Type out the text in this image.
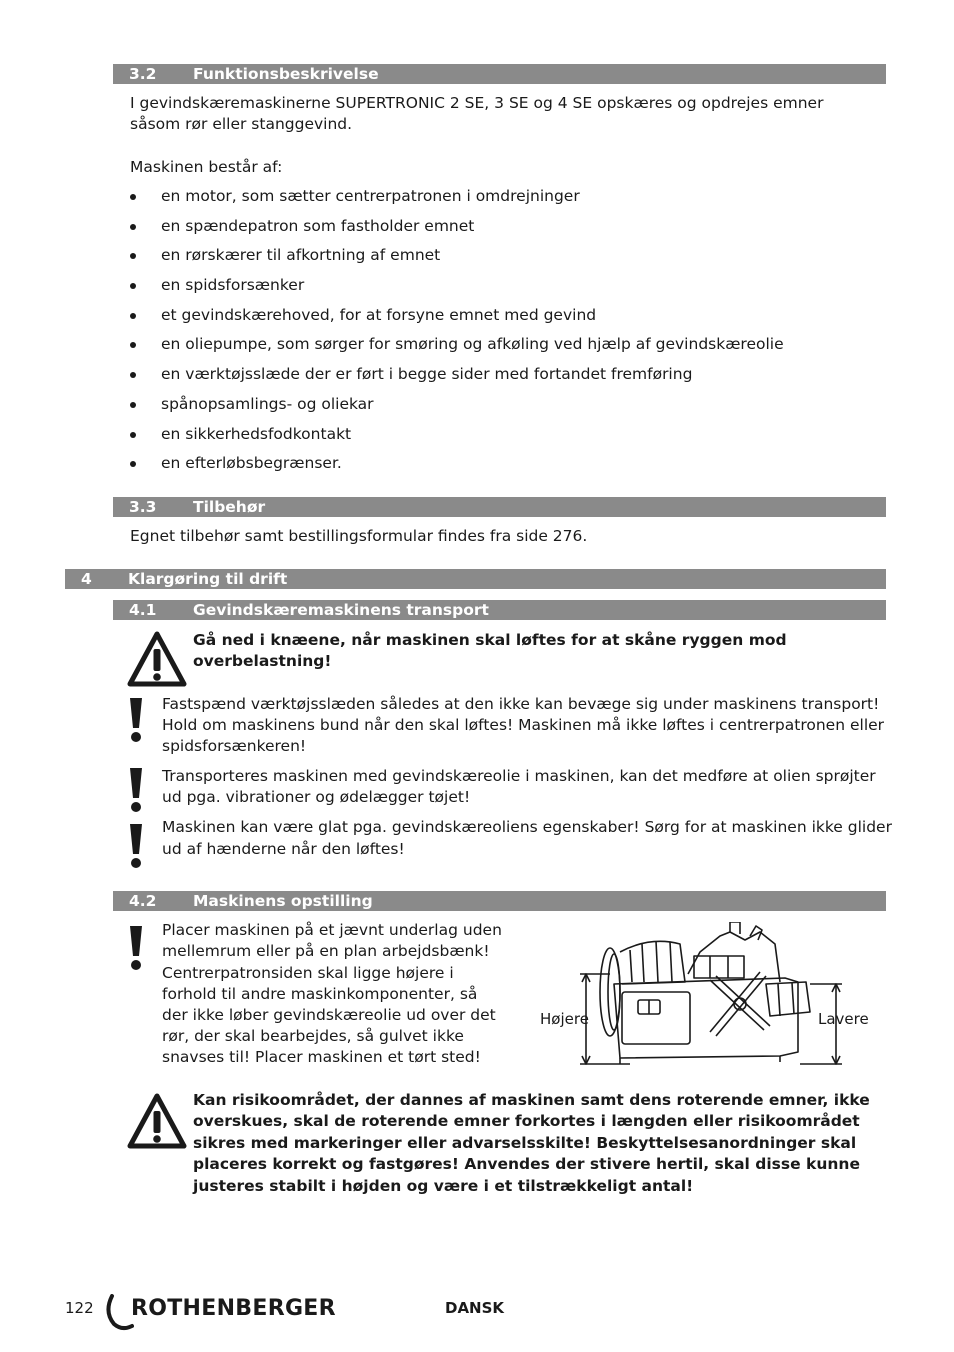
3.2 Funktionsbeskrivelse
I gevindskæremaskinerne SUPERTRONIC 2 SE, 3 SE og 4 SE opskæres og opdrejes emner
såsom rør eller stanggevind.
Maskinen består af:
en motor, som sætter centrerpatronen i omdrejninger
en spændepatron som fastholder emnet
en rørskærer til afkortning af emnet
en spidsforsænker
et gevindskærehoved, for at forsyne emnet med gevind
en oliepumpe, som sørger for smøring og afkøling ved hjælp af gevindskæreolie
en værktøjsslæde der er ført i begge sider med fortandet fremføring
spånopsamlings- og oliekar
en sikkerhedsfodkontakt
en efterløbsbegrænser.
3.3 Tilbehør
Egnet tilbehør samt bestillingsformular findes fra side 276.
4 Klargøring til drift
4.1 Gevindskæremaskinens transport
Gå ned i knæene, når maskinen skal løftes for at skåne ryggen mod
overbelastning!
Fastspænd værktøjsslæden således at den ikke kan bevæge sig under maskinens transport!
Hold om maskinens bund når den skal løftes! Maskinen må ikke løftes i centrerpatronen eller
spidsforsænkeren!
Transporteres maskinen med gevindskæreolie i maskinen, kan det medføre at olien sprøjter
ud pga. vibrationer og ødelægger tøjet!
Maskinen kan være glat pga. gevindskæreoliens egenskaber! Sørg for at maskinen ikke glider
ud af hænderne når den løftes!
4.2 Maskinens opstilling
Placer maskinen på et jævnt underlag uden
mellemrum eller på en plan arbejdsbænk!
Centrerpatronsiden skal ligge højere i
forhold til andre maskinkomponenter, så
der ikke løber gevindskæreolie ud over det
rør, der skal bearbejdes, så gulvet ikke
snavses til! Placer maskinen et tørt sted!
Højere	Lavere
Kan risikoområdet, der dannes af maskinen samt dens roterende emner, ikke
overskues, skal de roterende emner forkortes i længden eller risikoområdet
sikres med markeringer eller advarselsskilte! Beskyttelsesanordninger skal
placeres korrekt og fastgøres! Anvendes der stivere hertil, skal disse kunne
justeres stabilt i højden og være i et tilstrækkeligt antal!
122 ROTHENBERGER	DANSK
